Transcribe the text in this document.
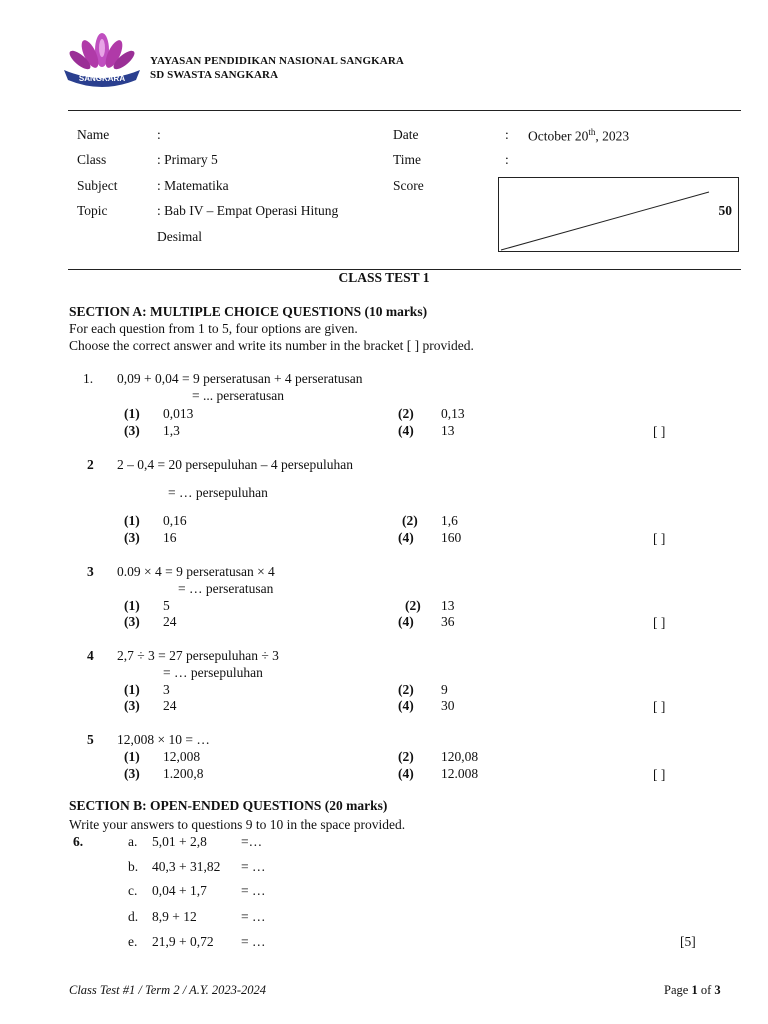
SANGKARA
YAYASAN PENDIDIKAN NASIONAL SANGKARA
SD SWASTA SANGKARA
Name	:
Class	: Primary 5
Subject	: Matematika
Topic	: Bab IV – Empat Operasi Hitung
Desimal
Date	: October 20th, 2023
Time	:
Score
50
CLASS TEST 1
SECTION A: MULTIPLE CHOICE QUESTIONS (10 marks)
For each question from 1 to 5, four options are given.
Choose the correct answer and write its number in the bracket [ ] provided.
1. 0,09 + 0,04 = 9 perseratusan + 4 perseratusan
= ... perseratusan
(1) 0,013	(2) 0,13
(3) 1,3	(4) 13	[ ]
2 2 – 0,4 = 20 persepuluhan – 4 persepuluhan
= … persepuluhan
(1) 0,16	(2) 1,6
(3) 16	(4) 160	[ ]
3 0.09 × 4 = 9 perseratusan × 4
= … perseratusan
(1) 5	(2) 13
(3) 24	(4) 36	[ ]
4 2,7 ÷ 3 = 27 persepuluhan ÷ 3
= … persepuluhan
(1) 3	(2) 9
(3) 24	(4) 30	[ ]
5 12,008 × 10 = …
(1) 12,008	(2) 120,08
(3) 1.200,8	(4) 12.008	[ ]
SECTION B: OPEN-ENDED QUESTIONS (20 marks)
Write your answers to questions 9 to 10 in the space provided.
6.	a. 5,01 + 2,8	=…
b. 40,3 + 31,82 = …
c. 0,04 + 1,7	= …
d. 8,9 + 12	= …
e. 21,9 + 0,72 = …	[5]
Class Test #1 / Term 2 / A.Y. 2023-2024	Page 1 of 3
